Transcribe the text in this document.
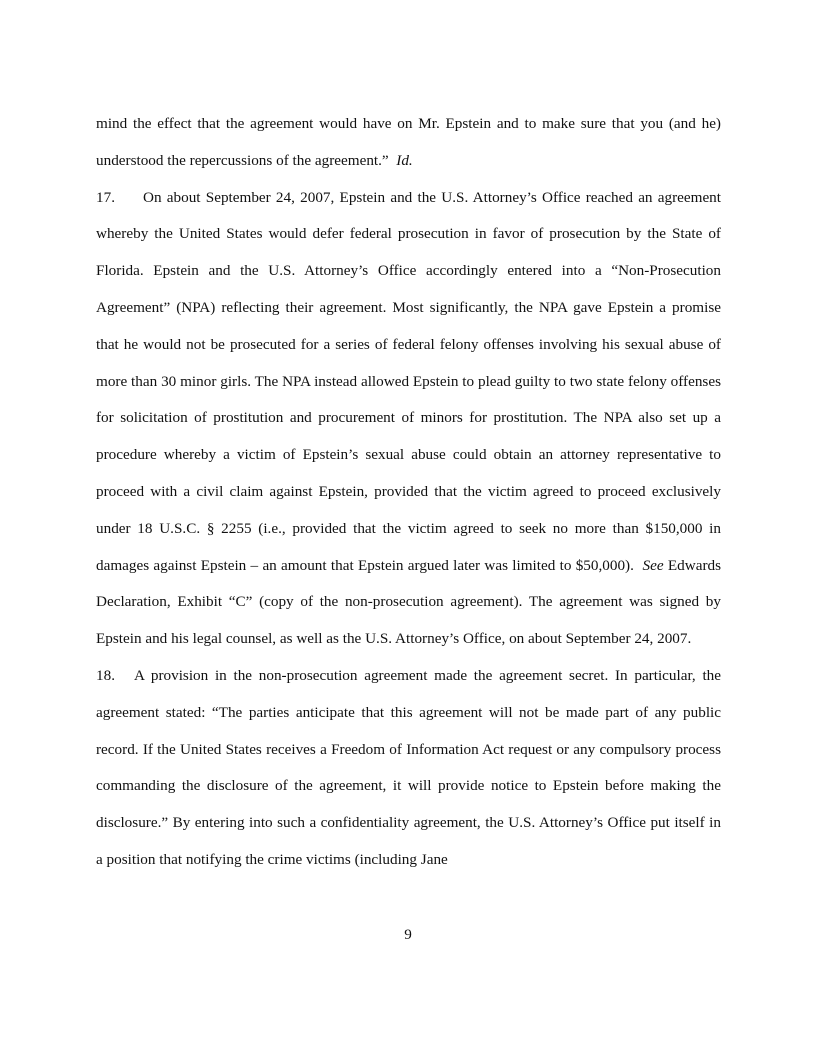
mind the effect that the agreement would have on Mr. Epstein and to make sure that you (and he) understood the repercussions of the agreement.” Id.

17. On about September 24, 2007, Epstein and the U.S. Attorney’s Office reached an agreement whereby the United States would defer federal prosecution in favor of prosecution by the State of Florida. Epstein and the U.S. Attorney’s Office accordingly entered into a “Non-Prosecution Agreement” (NPA) reflecting their agreement. Most significantly, the NPA gave Epstein a promise that he would not be prosecuted for a series of federal felony offenses involving his sexual abuse of more than 30 minor girls. The NPA instead allowed Epstein to plead guilty to two state felony offenses for solicitation of prostitution and procurement of minors for prostitution. The NPA also set up a procedure whereby a victim of Epstein’s sexual abuse could obtain an attorney representative to proceed with a civil claim against Epstein, provided that the victim agreed to proceed exclusively under 18 U.S.C. § 2255 (i.e., provided that the victim agreed to seek no more than $150,000 in damages against Epstein – an amount that Epstein argued later was limited to $50,000). See Edwards Declaration, Exhibit “C” (copy of the non-prosecution agreement). The agreement was signed by Epstein and his legal counsel, as well as the U.S. Attorney’s Office, on about September 24, 2007.

18. A provision in the non-prosecution agreement made the agreement secret. In particular, the agreement stated: “The parties anticipate that this agreement will not be made part of any public record. If the United States receives a Freedom of Information Act request or any compulsory process commanding the disclosure of the agreement, it will provide notice to Epstein before making the disclosure.” By entering into such a confidentiality agreement, the U.S. Attorney’s Office put itself in a position that notifying the crime victims (including Jane

9
